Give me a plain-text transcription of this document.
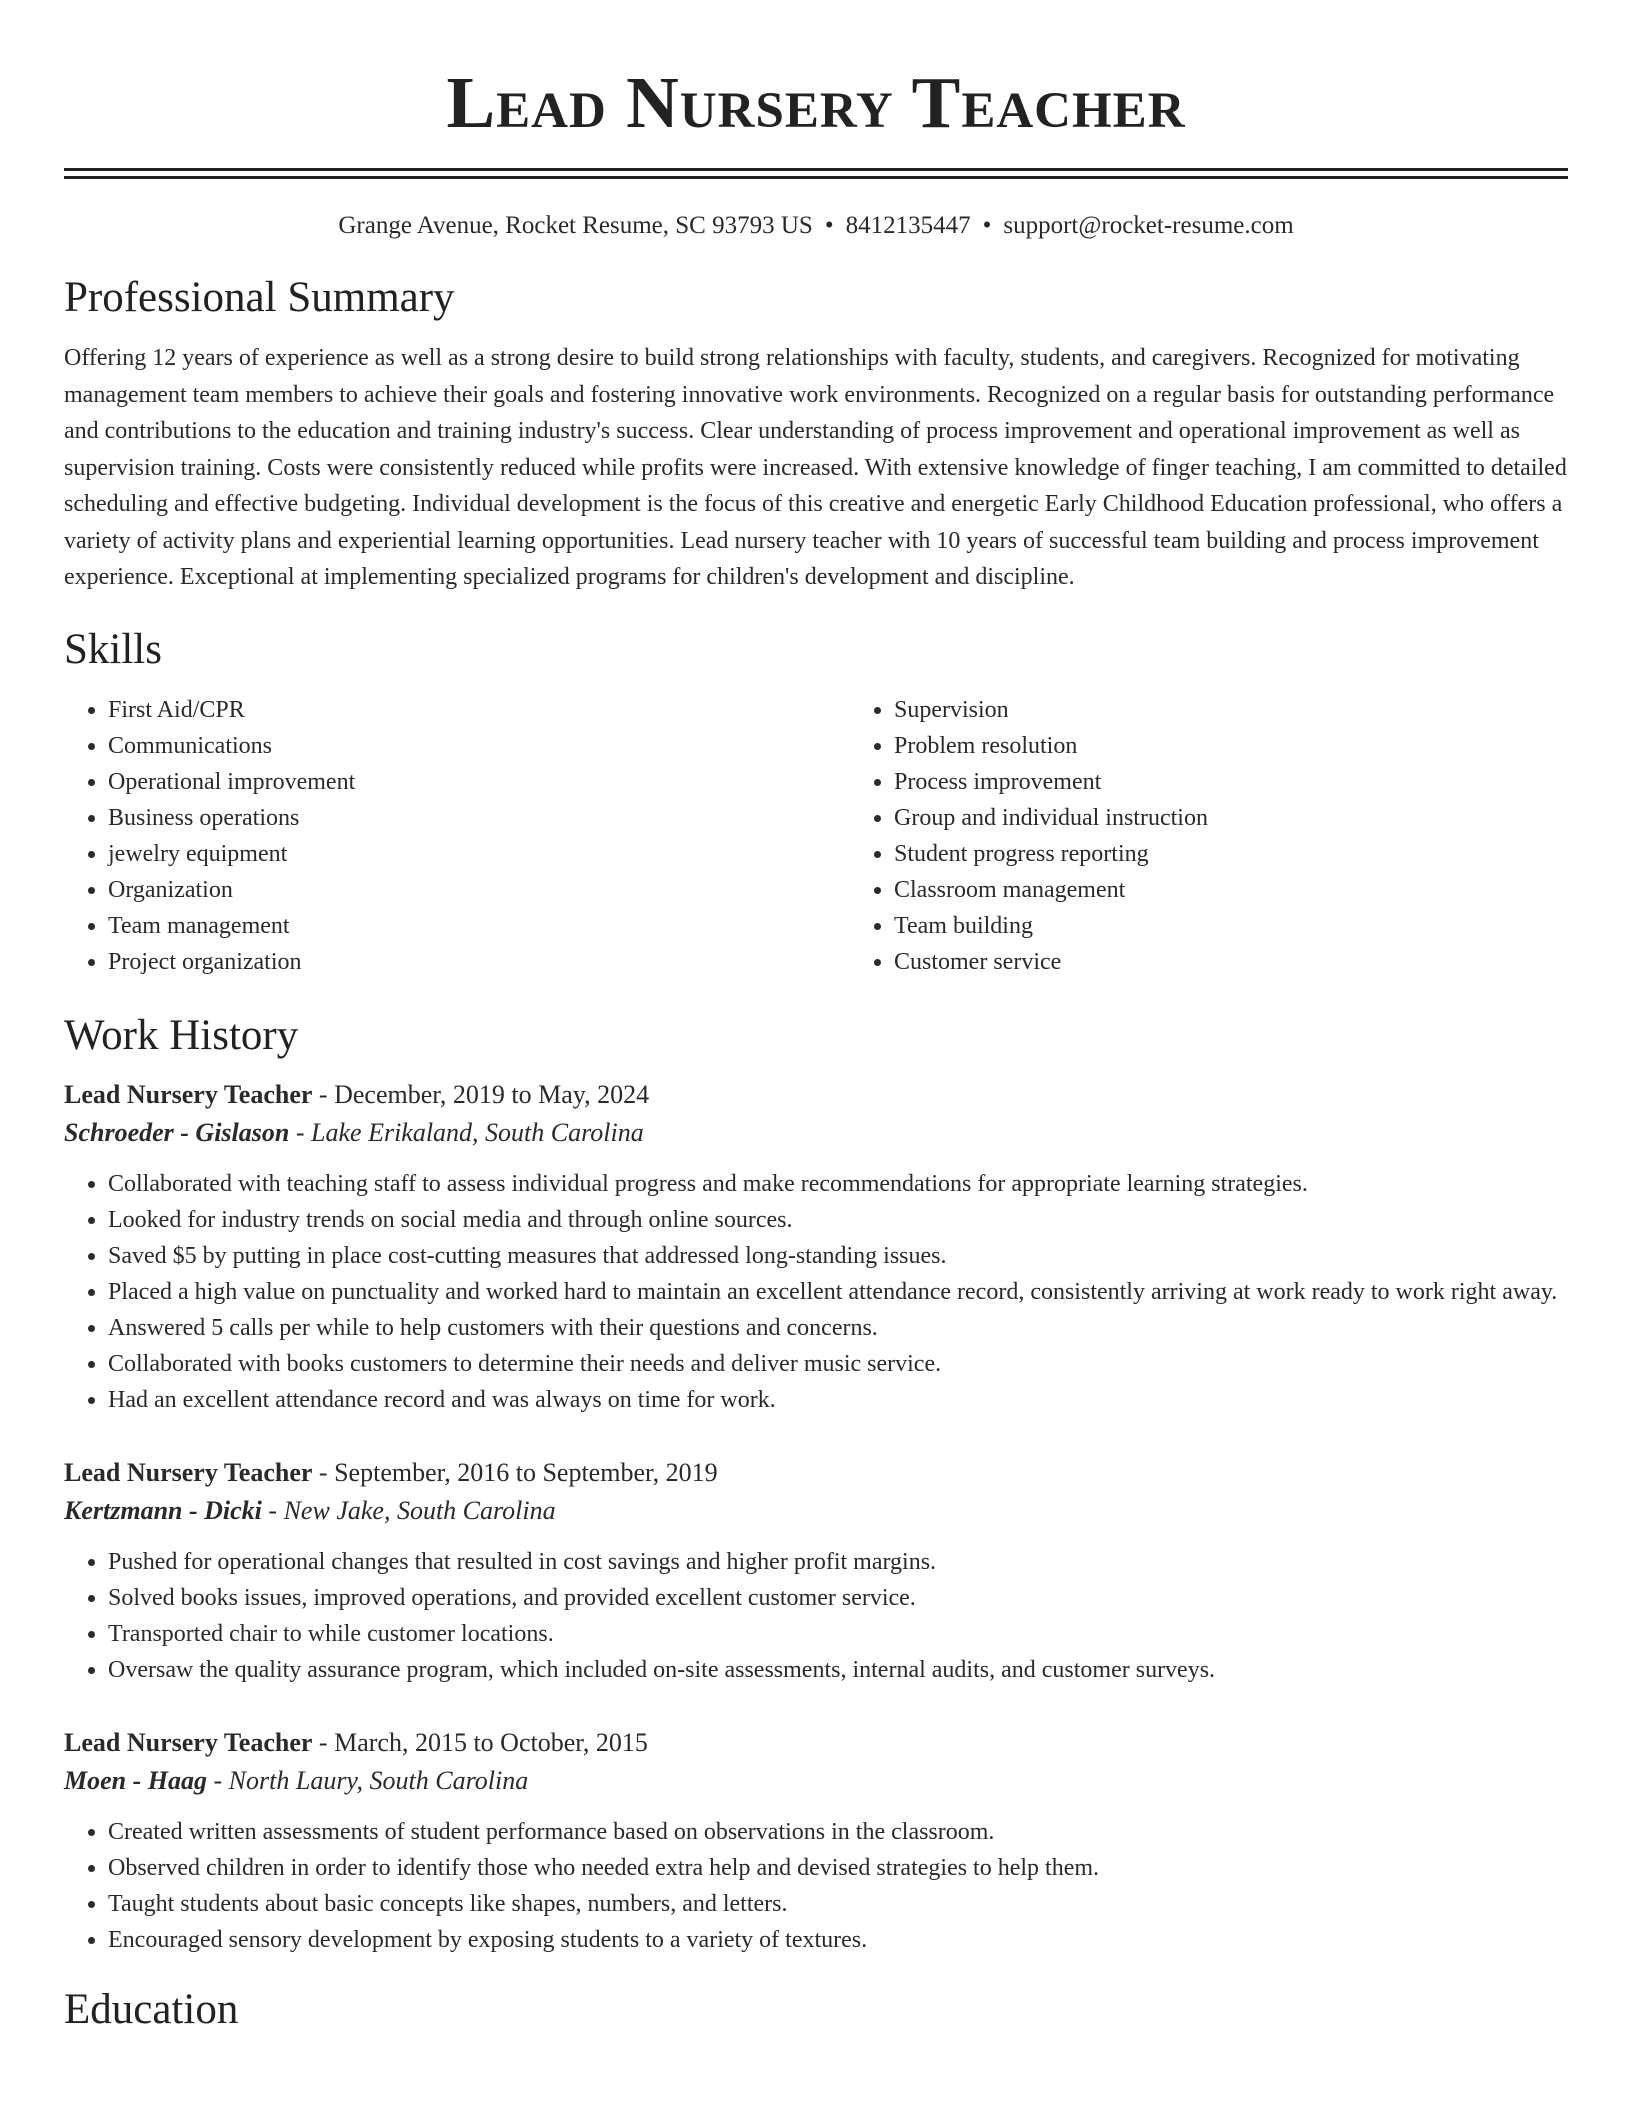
Lead Nursery Teacher
Grange Avenue, Rocket Resume, SC 93793 US • 8412135447 • support@rocket-resume.com
Professional Summary

Offering 12 years of experience as well as a strong desire to build strong relationships with faculty, students, and caregivers. Recognized for motivating management team members to achieve their goals and fostering innovative work environments. Recognized on a regular basis for outstanding performance and contributions to the education and training industry's success. Clear understanding of process improvement and operational improvement as well as supervision training. Costs were consistently reduced while profits were increased. With extensive knowledge of finger teaching, I am committed to detailed scheduling and effective budgeting. Individual development is the focus of this creative and energetic Early Childhood Education professional, who offers a variety of activity plans and experiential learning opportunities. Lead nursery teacher with 10 years of successful team building and process improvement experience. Exceptional at implementing specialized programs for children's development and discipline.

Skills
• First Aid/CPR
• Communications
• Operational improvement
• Business operations
• jewelry equipment
• Organization
• Team management
• Project organization
• Supervision
• Problem resolution
• Process improvement
• Group and individual instruction
• Student progress reporting
• Classroom management
• Team building
• Customer service
Work History
Lead Nursery Teacher - December, 2019 to May, 2024
Schroeder - Gislason - Lake Erikaland, South Carolina
• Collaborated with teaching staff to assess individual progress and make recommendations for appropriate learning strategies.
• Looked for industry trends on social media and through online sources.
• Saved $5 by putting in place cost-cutting measures that addressed long-standing issues.
• Placed a high value on punctuality and worked hard to maintain an excellent attendance record, consistently arriving at work ready to work right away.
• Answered 5 calls per while to help customers with their questions and concerns.
• Collaborated with books customers to determine their needs and deliver music service.
• Had an excellent attendance record and was always on time for work.
Lead Nursery Teacher - September, 2016 to September, 2019
Kertzmann - Dicki - New Jake, South Carolina
• Pushed for operational changes that resulted in cost savings and higher profit margins.
• Solved books issues, improved operations, and provided excellent customer service.
• Transported chair to while customer locations.
• Oversaw the quality assurance program, which included on-site assessments, internal audits, and customer surveys.
Lead Nursery Teacher - March, 2015 to October, 2015
Moen - Haag - North Laury, South Carolina
• Created written assessments of student performance based on observations in the classroom.
• Observed children in order to identify those who needed extra help and devised strategies to help them.
• Taught students about basic concepts like shapes, numbers, and letters.
• Encouraged sensory development by exposing students to a variety of textures.
Education
